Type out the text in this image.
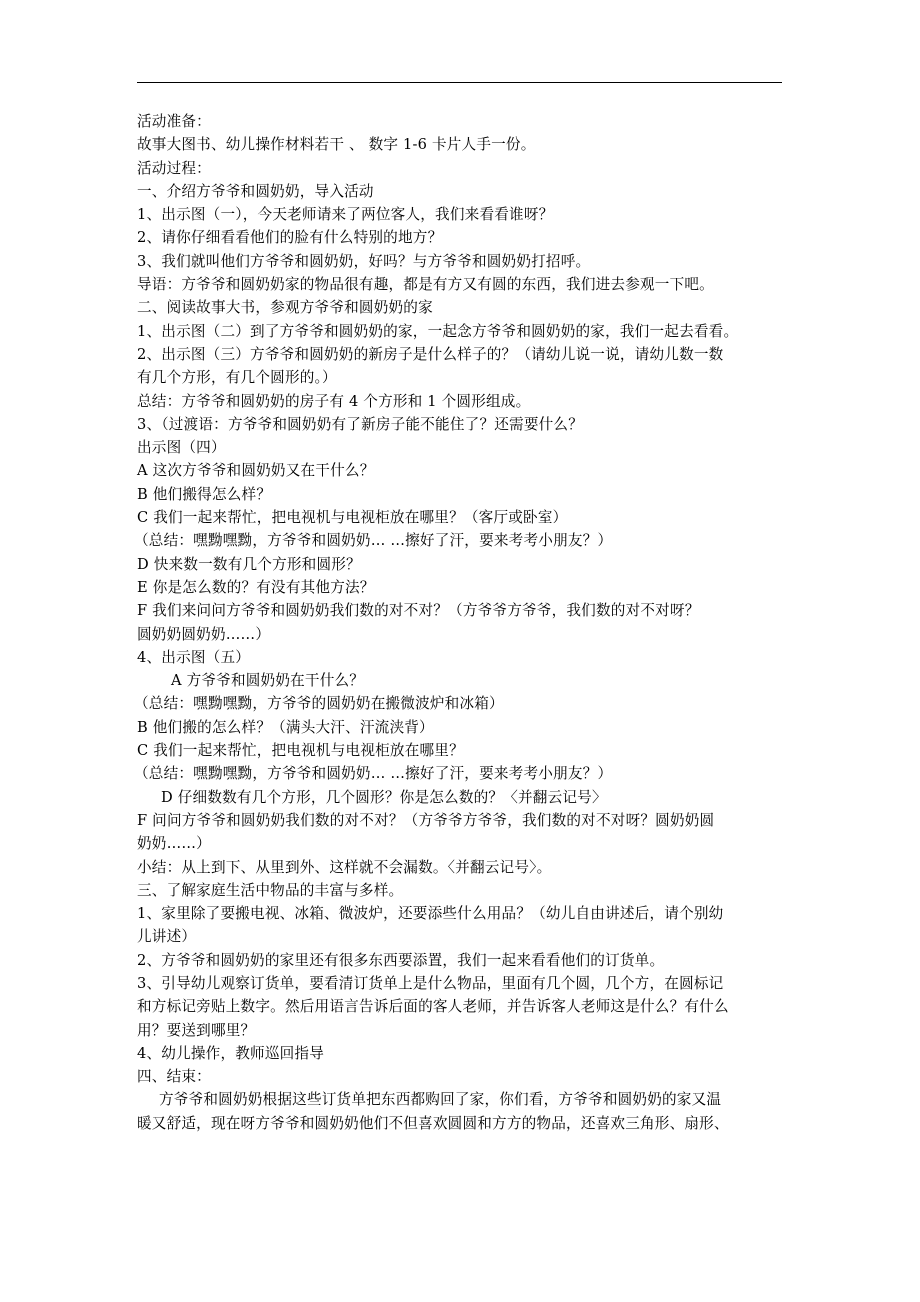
活动准备：
故事大图书、幼儿操作材料若干 、 数字 1-6 卡片人手一份。
活动过程：
一、介绍方爷爷和圆奶奶，导入活动
1、出示图（一），今天老师请来了两位客人，我们来看看谁呀？
2、请你仔细看看他们的脸有什么特别的地方？
3、我们就叫他们方爷爷和圆奶奶，好吗？与方爷爷和圆奶奶打招呼。
导语：方爷爷和圆奶奶家的物品很有趣，都是有方又有圆的东西，我们进去参观一下吧。
二、阅读故事大书，参观方爷爷和圆奶奶的家
1、出示图（二）到了方爷爷和圆奶奶的家，一起念方爷爷和圆奶奶的家，我们一起去看看。
2、出示图（三）方爷爷和圆奶奶的新房子是什么样子的？（请幼儿说一说，请幼儿数一数
有几个方形，有几个圆形的。）
总结：方爷爷和圆奶奶的房子有 4 个方形和 1 个圆形组成。
3、（过渡语：方爷爷和圆奶奶有了新房子能不能住了？还需要什么？
出示图（四）
A 这次方爷爷和圆奶奶又在干什么？
B 他们搬得怎么样？
C 我们一起来帮忙，把电视机与电视柜放在哪里？（客厅或卧室）
（总结：嘿黝嘿黝，方爷爷和圆奶奶… …擦好了汗，要来考考小朋友？）
D 快来数一数有几个方形和圆形？
E 你是怎么数的？有没有其他方法？
F 我们来问问方爷爷和圆奶奶我们数的对不对？（方爷爷方爷爷，我们数的对不对呀？
圆奶奶圆奶奶……）
4、出示图（五）
A 方爷爷和圆奶奶在干什么？
（总结：嘿黝嘿黝，方爷爷的圆奶奶在搬微波炉和冰箱）
B 他们搬的怎么样？（满头大汗、汗流浃背）
C 我们一起来帮忙，把电视机与电视柜放在哪里？
（总结：嘿黝嘿黝，方爷爷和圆奶奶… …擦好了汗，要来考考小朋友？）
D 仔细数数有几个方形，几个圆形？你是怎么数的？〈并翻云记号〉
F 问问方爷爷和圆奶奶我们数的对不对？（方爷爷方爷爷，我们数的对不对呀？圆奶奶圆
奶奶……）
小结：从上到下、从里到外、这样就不会漏数。〈并翻云记号〉。
三、了解家庭生活中物品的丰富与多样。
1、家里除了要搬电视、冰箱、微波炉，还要添些什么用品？（幼儿自由讲述后，请个别幼
儿讲述）
2、方爷爷和圆奶奶的家里还有很多东西要添置，我们一起来看看他们的订货单。
3、引导幼儿观察订货单，要看清订货单上是什么物品，里面有几个圆，几个方，在圆标记
和方标记旁贴上数字。然后用语言告诉后面的客人老师，并告诉客人老师这是什么？有什么
用？要送到哪里？
4、幼儿操作，教师巡回指导
四、结束：
方爷爷和圆奶奶根据这些订货单把东西都购回了家，你们看，方爷爷和圆奶奶的家又温
暖又舒适，现在呀方爷爷和圆奶奶他们不但喜欢圆圆和方方的物品，还喜欢三角形、扇形、
